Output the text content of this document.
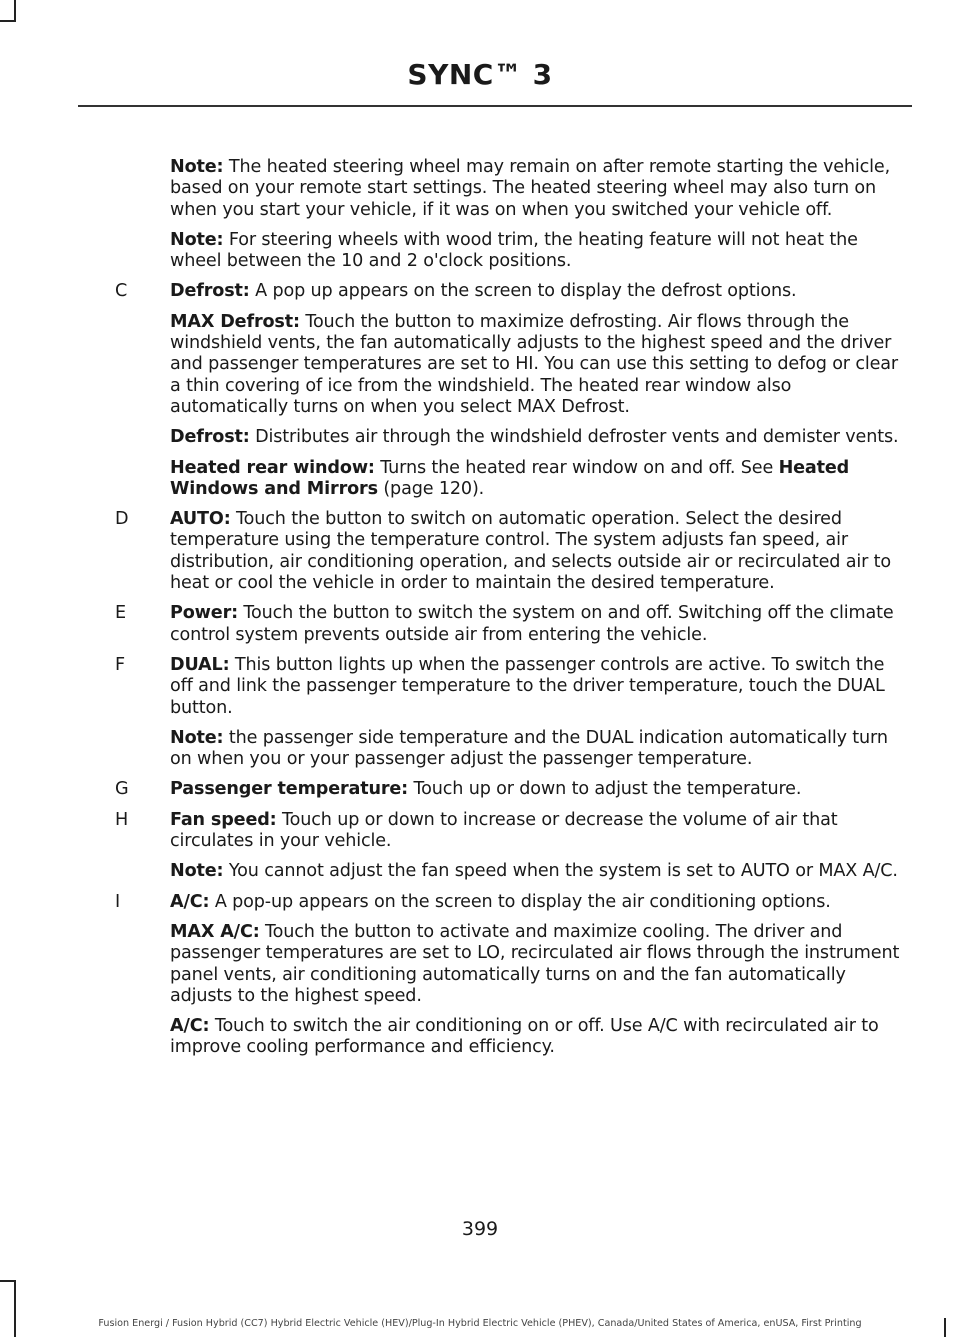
SYNC™ 3

Note: The heated steering wheel may remain on after remote starting the vehicle, based on your remote start settings. The heated steering wheel may also turn on when you start your vehicle, if it was on when you switched your vehicle off.

Note: For steering wheels with wood trim, the heating feature will not heat the wheel between the 10 and 2 o'clock positions.

C	Defrost: A pop up appears on the screen to display the defrost options.

MAX Defrost: Touch the button to maximize defrosting. Air flows through the windshield vents, the fan automatically adjusts to the highest speed and the driver and passenger temperatures are set to HI. You can use this setting to defog or clear a thin covering of ice from the windshield. The heated rear window also automatically turns on when you select MAX Defrost.

Defrost: Distributes air through the windshield defroster vents and demister vents.

Heated rear window: Turns the heated rear window on and off. See Heated Windows and Mirrors (page 120).

D	AUTO: Touch the button to switch on automatic operation. Select the desired temperature using the temperature control. The system adjusts fan speed, air distribution, air conditioning operation, and selects outside air or recirculated air to heat or cool the vehicle in order to maintain the desired temperature.

E	Power: Touch the button to switch the system on and off. Switching off the climate control system prevents outside air from entering the vehicle.

F	DUAL: This button lights up when the passenger controls are active. To switch the off and link the passenger temperature to the driver temperature, touch the DUAL button.

Note: the passenger side temperature and the DUAL indication automatically turn on when you or your passenger adjust the passenger temperature.

G	Passenger temperature: Touch up or down to adjust the temperature.

H	Fan speed: Touch up or down to increase or decrease the volume of air that circulates in your vehicle.

Note: You cannot adjust the fan speed when the system is set to AUTO or MAX A/C.

I	A/C: A pop-up appears on the screen to display the air conditioning options.

MAX A/C: Touch the button to activate and maximize cooling. The driver and passenger temperatures are set to LO, recirculated air flows through the instrument panel vents, air conditioning automatically turns on and the fan automatically adjusts to the highest speed.

A/C: Touch to switch the air conditioning on or off. Use A/C with recirculated air to improve cooling performance and efficiency.

399
Fusion Energi / Fusion Hybrid (CC7) Hybrid Electric Vehicle (HEV)/Plug-In Hybrid Electric Vehicle (PHEV), Canada/United States of America, enUSA, First Printing
